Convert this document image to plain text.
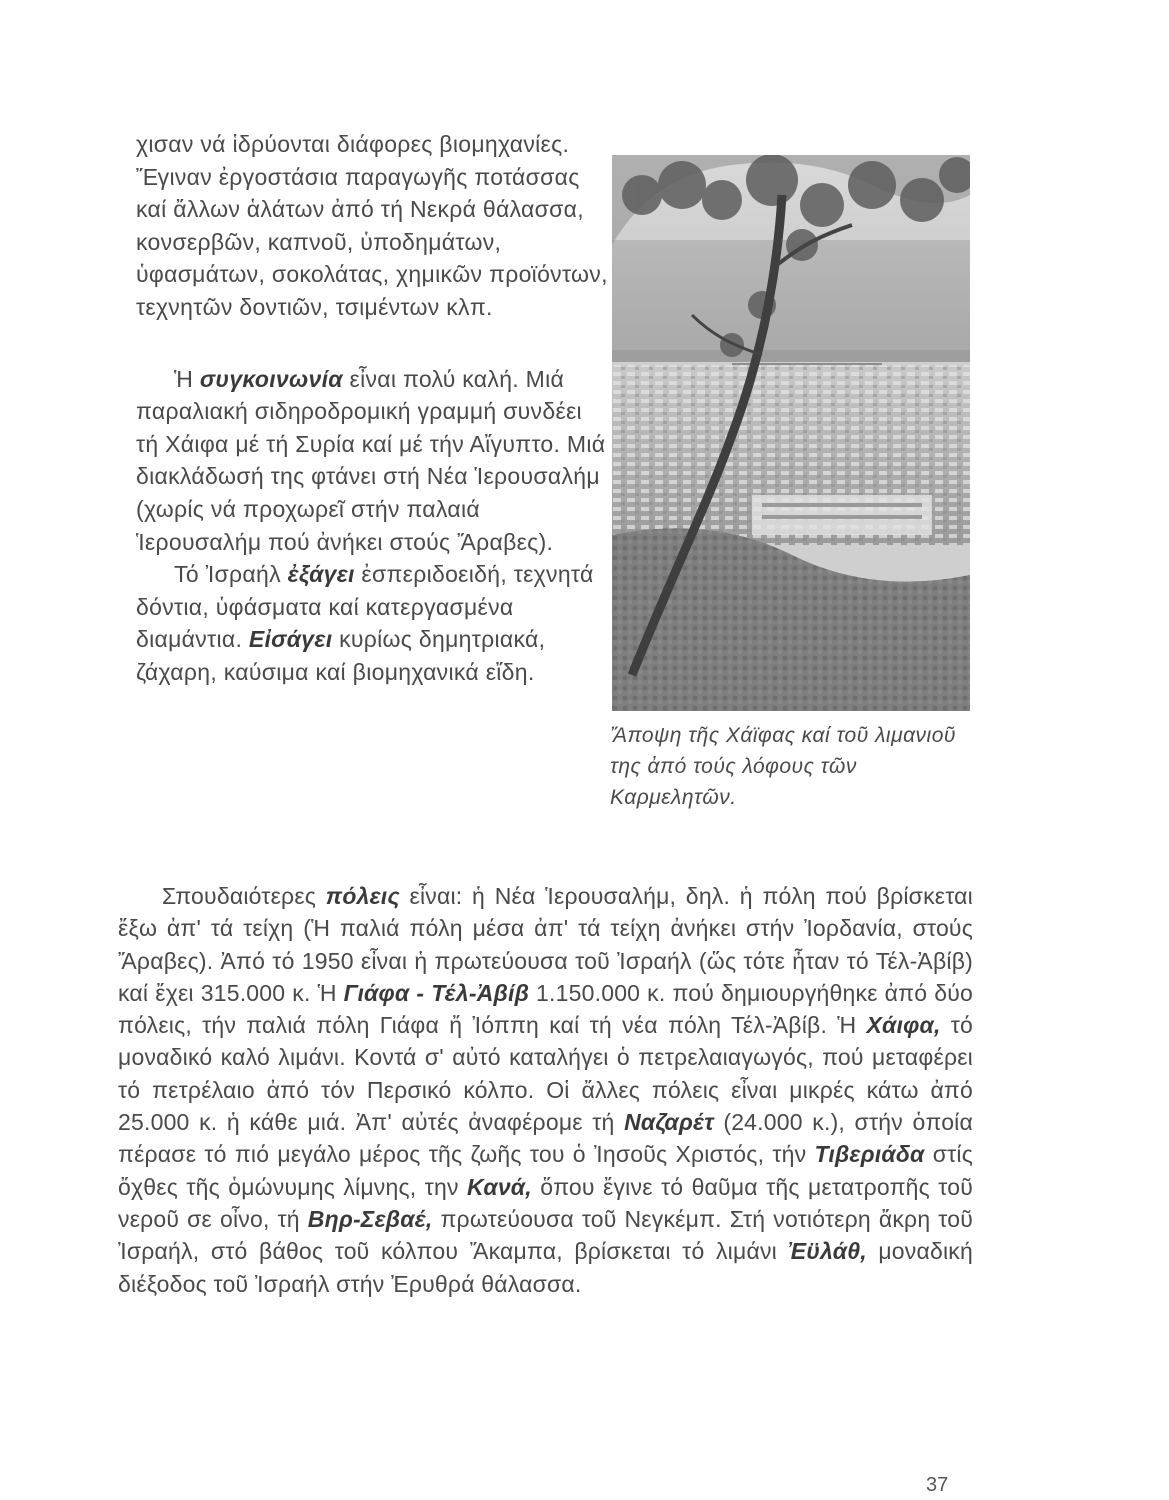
χισαν νά ἱδρύονται διάφορες βιομηχανίες. Ἔγιναν ἐργοστάσια παραγωγῆς ποτάσσας καί ἄλλων ἁλάτων ἀπό τή Νεκρά θάλασσα, κονσερβῶν, καπνοῦ, ὑποδημάτων, ὑφασμάτων, σοκολάτας, χημικῶν προϊόντων, τεχνητῶν δοντιῶν, τσιμέντων κλπ.

Ἡ συγκοινωνία εἶναι πολύ καλή. Μιά παραλιακή σιδηροδρομική γραμμή συνδέει τή Χάιφα μέ τή Συρία καί μέ τήν Αἴγυπτο. Μιά διακλάδωσή της φτάνει στή Νέα Ἱερουσαλήμ (χωρίς νά προχωρεῖ στήν παλαιά Ἱερουσαλήμ πού ἀνήκει στούς Ἄραβες).

Τό Ἰσραήλ ἐξάγει ἐσπεριδοειδή, τεχνητά δόντια, ὑφάσματα καί κατεργασμένα διαμάντια. Εἰσάγει κυρίως δημητριακά, ζάχαρη, καύσιμα καί βιομηχανικά εἴδη.

Ἄποψη τῆς Χάϊφας καί τοῦ λιμανιοῦ της ἀπό τούς λόφους τῶν Καρμελητῶν.

Σπουδαιότερες πόλεις εἶναι: ἡ Νέα Ἱερουσαλήμ, δηλ. ἡ πόλη πού βρίσκεται ἔξω ἀπ' τά τείχη (Ἡ παλιά πόλη μέσα ἀπ' τά τείχη ἀνήκει στήν Ἰορδανία, στούς Ἄραβες). Ἀπό τό 1950 εἶναι ἡ πρωτεύουσα τοῦ Ἰσραήλ (ὥς τότε ἦταν τό Τέλ-Ἀβίβ) καί ἔχει 315.000 κ. Ἡ Γιάφα - Τέλ-Ἀβίβ 1.150.000 κ. πού δημιουργήθηκε ἀπό δύο πόλεις, τήν παλιά πόλη Γιάφα ἤ Ἰόππη καί τή νέα πόλη Τέλ-Ἀβίβ. Ἡ Χάιφα, τό μοναδικό καλό λιμάνι. Κοντά σ' αὐτό καταλήγει ὁ πετρελαιαγωγός, πού μεταφέρει τό πετρέλαιο ἀπό τόν Περσικό κόλπο. Οἱ ἄλλες πόλεις εἶναι μικρές κάτω ἀπό 25.000 κ. ἡ κάθε μιά. Ἀπ' αὐτές ἀναφέρομε τή Ναζαρέτ (24.000 κ.), στήν ὁποία πέρασε τό πιό μεγάλο μέρος τῆς ζωῆς του ὁ Ἰησοῦς Χριστός, τήν Τιβεριάδα στίς ὄχθες τῆς ὁμώνυμης λίμνης, την Κανά, ὅπου ἔγινε τό θαῦμα τῆς μετατροπῆς τοῦ νεροῦ σε οἶνο, τή Βηρ-Σεβαέ, πρωτεύουσα τοῦ Νεγκέμπ. Στή νοτιότερη ἄκρη τοῦ Ἰσραήλ, στό βάθος τοῦ κόλπου Ἄκαμπα, βρίσκεται τό λιμάνι Ἐϋλάθ, μοναδική διέξοδος τοῦ Ἰσραήλ στήν Ἐρυθρά θάλασσα.

37
